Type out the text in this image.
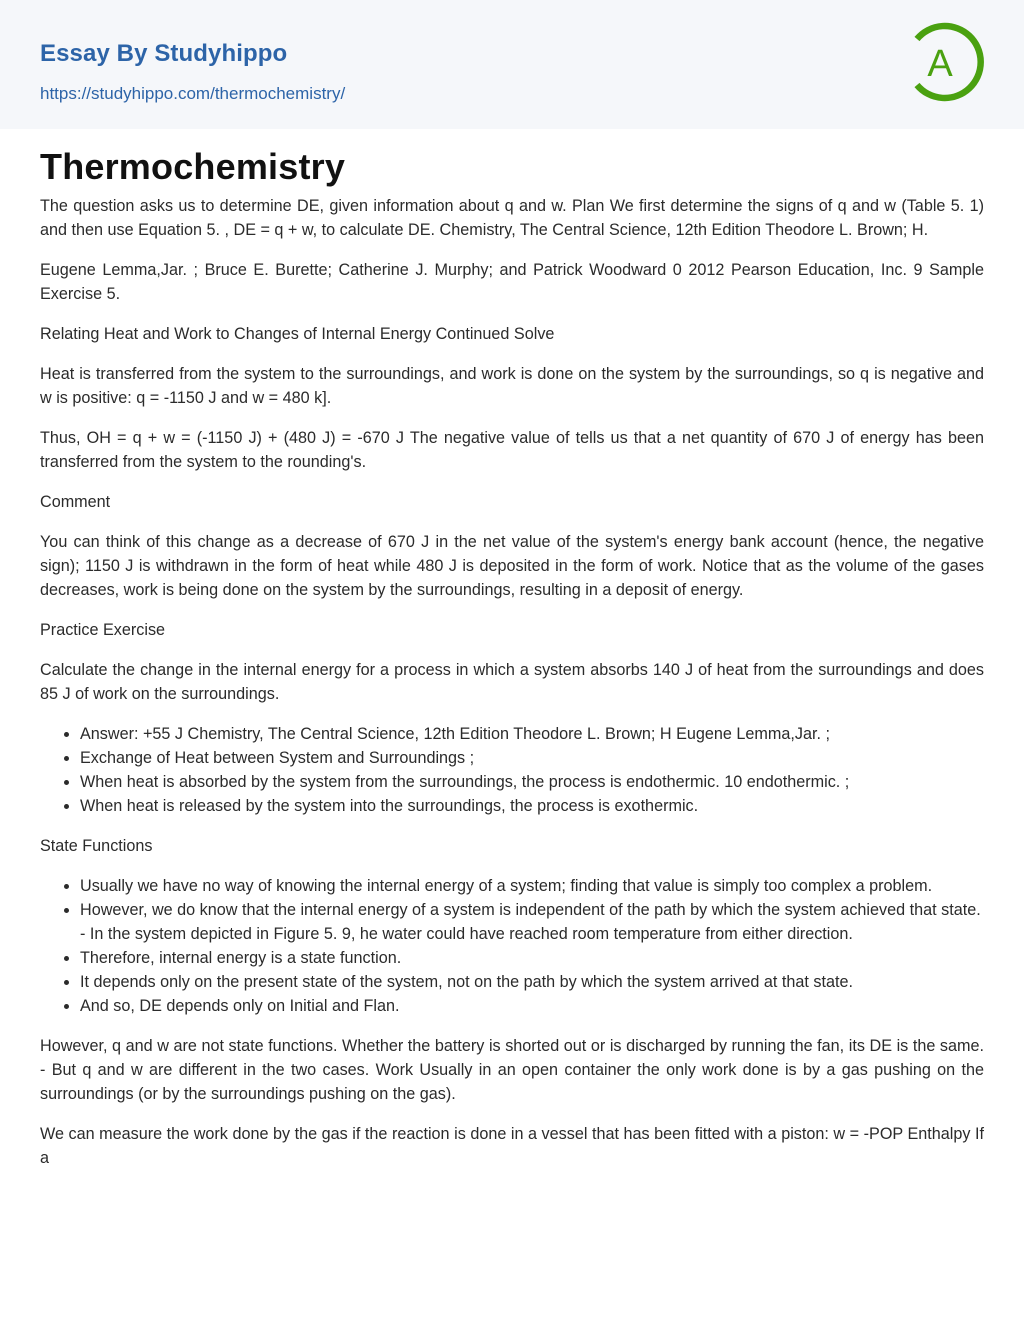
Essay By Studyhippo
https://studyhippo.com/thermochemistry/
A
Thermochemistry

The question asks us to determine DE, given information about q and w. Plan We first determine the signs of q and w (Table 5. 1) and then use Equation 5. , DE = q + w, to calculate DE. Chemistry, The Central Science, 12th Edition Theodore L. Brown; H.

Eugene Lemma,Jar. ; Bruce E. Burette; Catherine J. Murphy; and Patrick Woodward 0 2012 Pearson Education, Inc. 9 Sample Exercise 5.

Relating Heat and Work to Changes of Internal Energy Continued Solve

Heat is transferred from the system to the surroundings, and work is done on the system by the surroundings, so q is negative and w is positive: q = -1150 J and w = 480 k].

Thus, OH = q + w = (-1150 J) + (480 J) = -670 J The negative value of tells us that a net quantity of 670 J of energy has been transferred from the system to the rounding's.

Comment

You can think of this change as a decrease of 670 J in the net value of the system's energy bank account (hence, the negative sign); 1150 J is withdrawn in the form of heat while 480 J is deposited in the form of work. Notice that as the volume of the gases decreases, work is being done on the system by the surroundings, resulting in a deposit of energy.

Practice Exercise

Calculate the change in the internal energy for a process in which a system absorbs 140 J of heat from the surroundings and does 85 J of work on the surroundings.

• Answer: +55 J Chemistry, The Central Science, 12th Edition Theodore L. Brown; H Eugene Lemma,Jar. ;
• Exchange of Heat between System and Surroundings ;
• When heat is absorbed by the system from the surroundings, the process is endothermic. 10 endothermic. ;
• When heat is released by the system into the surroundings, the process is exothermic.

State Functions

• Usually we have no way of knowing the internal energy of a system; finding that value is simply too complex a problem.
• However, we do know that the internal energy of a system is independent of the path by which the system achieved that state. - In the system depicted in Figure 5. 9, he water could have reached room temperature from either direction.
• Therefore, internal energy is a state function.
• It depends only on the present state of the system, not on the path by which the system arrived at that state.
• And so, DE depends only on Initial and Flan.

However, q and w are not state functions. Whether the battery is shorted out or is discharged by running the fan, its DE is the same. - But q and w are different in the two cases. Work Usually in an open container the only work done is by a gas pushing on the surroundings (or by the surroundings pushing on the gas).

We can measure the work done by the gas if the reaction is done in a vessel that has been fitted with a piston: w = -POP Enthalpy If a
